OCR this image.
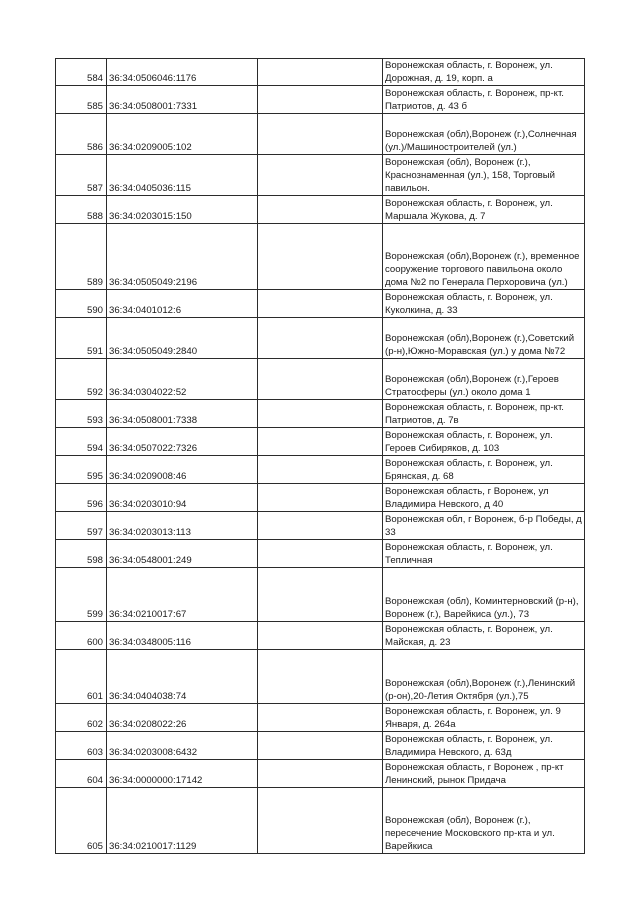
584	36:34:0506046:1176		Воронежская область, г. Воронеж, ул. Дорожная, д. 19, корп. а
585	36:34:0508001:7331		Воронежская область, г. Воронеж, пр-кт. Патриотов, д. 43 б
586	36:34:0209005:102		Воронежская (обл),Воронеж (г.),Солнечная (ул.)/Машиностроителей (ул.)
587	36:34:0405036:115		Воронежская (обл), Воронеж (г.), Краснознаменная (ул.), 158, Торговый павильон.
588	36:34:0203015:150		Воронежская область, г. Воронеж, ул. Маршала Жукова, д. 7
589	36:34:0505049:2196		Воронежская (обл),Воронеж (г.), временное сооружение торгового павильона около дома №2 по Генерала Перхоровича (ул.)
590	36:34:0401012:6		Воронежская область, г. Воронеж, ул. Куколкина, д. 33
591	36:34:0505049:2840		Воронежская (обл),Воронеж (г.),Советский (р-н),Южно-Моравская (ул.) у дома №72
592	36:34:0304022:52		Воронежская (обл),Воронеж (г.),Героев Стратосферы (ул.) около дома 1
593	36:34:0508001:7338		Воронежская область, г. Воронеж, пр-кт. Патриотов, д. 7в
594	36:34:0507022:7326		Воронежская область, г. Воронеж, ул. Героев Сибиряков, д. 103
595	36:34:0209008:46		Воронежская область, г. Воронеж, ул. Брянская, д. 68
596	36:34:0203010:94		Воронежская область, г Воронеж, ул Владимира Невского, д 40
597	36:34:0203013:113		Воронежская обл, г Воронеж, б-р Победы, д 33
598	36:34:0548001:249		Воронежская область, г. Воронеж, ул. Тепличная
599	36:34:0210017:67		Воронежская (обл), Коминтерновский (р-н), Воронеж (г.), Варейкиса (ул.), 73
600	36:34:0348005:116		Воронежская область, г. Воронеж, ул. Майская, д. 23
601	36:34:0404038:74		Воронежская (обл),Воронеж (г.),Ленинский (р-он),20-Летия Октября (ул.),75
602	36:34:0208022:26		Воронежская область, г. Воронеж, ул. 9 Января, д. 264а
603	36:34:0203008:6432		Воронежская область, г. Воронеж, ул. Владимира Невского, д. 63д
604	36:34:0000000:17142		Воронежская область, г Воронеж , пр-кт Ленинский, рынок Придача
605	36:34:0210017:1129		Воронежская (обл), Воронеж (г.), пересечение Московского пр-кта и ул. Варейкиса
